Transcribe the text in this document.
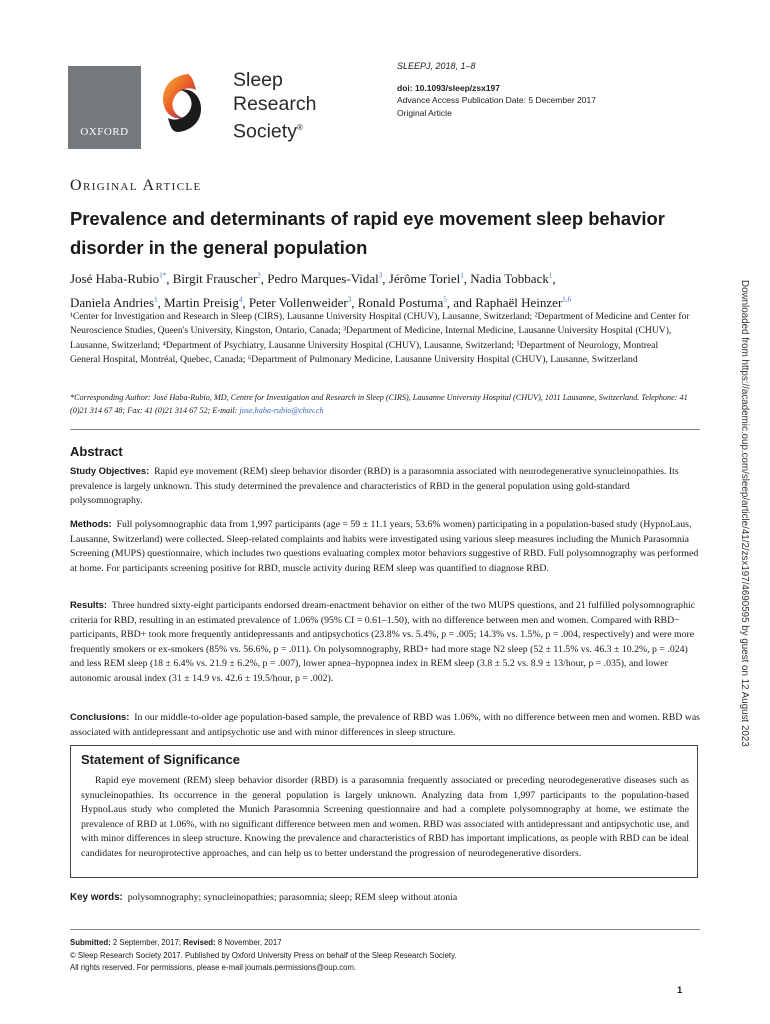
OXFORD
Sleep
Research
Society®
SLEEPJ, 2018, 1–8
doi: 10.1093/sleep/zsx197
Advance Access Publication Date: 5 December 2017
Original Article
Original Article
Prevalence and determinants of rapid eye movement sleep behavior disorder in the general population
José Haba-Rubio$^{1*}$, Birgit Frauscher$^2$, Pedro Marques-Vidal$^3$, Jérôme Toriel$^1$, Nadia Tobback$^1$,
Daniela Andries$^1$, Martin Preisig$^4$, Peter Vollenweider$^3$, Ronald Postuma$^5$, and Raphaël Heinzer$^{1,6}$

¹Center for Investigation and Research in Sleep (CIRS), Lausanne University Hospital (CHUV), Lausanne, Switzerland; ²Department of Medicine and Center for Neuroscience Studies, Queen's University, Kingston, Ontario, Canada; ³Department of Medicine, Internal Medicine, Lausanne University Hospital (CHUV), Lausanne, Switzerland; ⁴Department of Psychiatry, Lausanne University Hospital (CHUV), Lausanne, Switzerland; ⁵Department of Neurology, Montreal General Hospital, Montréal, Quebec, Canada; ⁶Department of Pulmonary Medicine, Lausanne University Hospital (CHUV), Lausanne, Switzerland

*Corresponding Author: José Haba-Rubio, MD, Centre for Investigation and Research in Sleep (CIRS), Lausanne University Hospital (CHUV), 1011 Lausanne, Switzerland. Telephone: 41 (0)21 314 67 48; Fax: 41 (0)21 314 67 52; E-mail: jose.haba-rubio@chuv.ch	Downloaded from https://academic.oup.com/sleep/article/41/2/zsx197/4690595 by guest on 12 August 2023
Abstract

Study Objectives: Rapid eye movement (REM) sleep behavior disorder (RBD) is a parasomnia associated with neurodegenerative synucleinopathies. Its prevalence is largely unknown. This study determined the prevalence and characteristics of RBD in the general population using gold-standard polysomnography.

Methods: Full polysomnographic data from 1,997 participants (age = 59 ± 11.1 years, 53.6% women) participating in a population-based study (HypnoLaus, Lausanne, Switzerland) were collected. Sleep-related complaints and habits were investigated using various sleep measures including the Munich Parasomnia Screening (MUPS) questionnaire, which includes two questions evaluating complex motor behaviors suggestive of RBD. Full polysomnography was performed at home. For participants screening positive for RBD, muscle activity during REM sleep was quantified to diagnose RBD.

Results: Three hundred sixty-eight participants endorsed dream-enactment behavior on either of the two MUPS questions, and 21 fulfilled polysomnographic criteria for RBD, resulting in an estimated prevalence of 1.06% (95% CI = 0.61–1.50), with no difference between men and women. Compared with RBD− participants, RBD+ took more frequently antidepressants and antipsychotics (23.8% vs. 5.4%, p = .005; 14.3% vs. 1.5%, p = .004, respectively) and were more frequently smokers or ex-smokers (85% vs. 56.6%, p = .011). On polysomnography, RBD+ had more stage N2 sleep (52 ± 11.5% vs. 46.3 ± 10.2%, p = .024) and less REM sleep (18 ± 6.4% vs. 21.9 ± 6.2%, p = .007), lower apnea–hypopnea index in REM sleep (3.8 ± 5.2 vs. 8.9 ± 13/hour, p = .035), and lower autonomic arousal index (31 ± 14.9 vs. 42.6 ± 19.5/hour, p = .002).

Conclusions: In our middle-to-older age population-based sample, the prevalence of RBD was 1.06%, with no difference between men and women. RBD was associated with antidepressant and antipsychotic use and with minor differences in sleep structure.

Statement of Significance
Rapid eye movement (REM) sleep behavior disorder (RBD) is a parasomnia frequently associated or preceding neurodegenerative diseases such as synucleinopathies. Its occurrence in the general population is largely unknown. Analyzing data from 1,997 participants to the population-based HypnoLaus study who completed the Munich Parasomnia Screening questionnaire and had a complete polysomnography at home, we estimate the prevalence of RBD at 1.06%, with no significant difference between men and women. RBD was associated with antidepressant and antipsychotic use, and with minor differences in sleep structure. Knowing the prevalence and characteristics of RBD has important implications, as people with RBD can be ideal candidates for neuroprotective approaches, and can help us to better understand the progression of neurodegenerative disorders.
Key words: polysomnography; synucleinopathies; parasomnia; sleep; REM sleep without atonia

Submitted: 2 September, 2017; Revised: 8 November, 2017

© Sleep Research Society 2017. Published by Oxford University Press on behalf of the Sleep Research Society.

All rights reserved. For permissions, please e-mail journals.permissions@oup.com.

1
